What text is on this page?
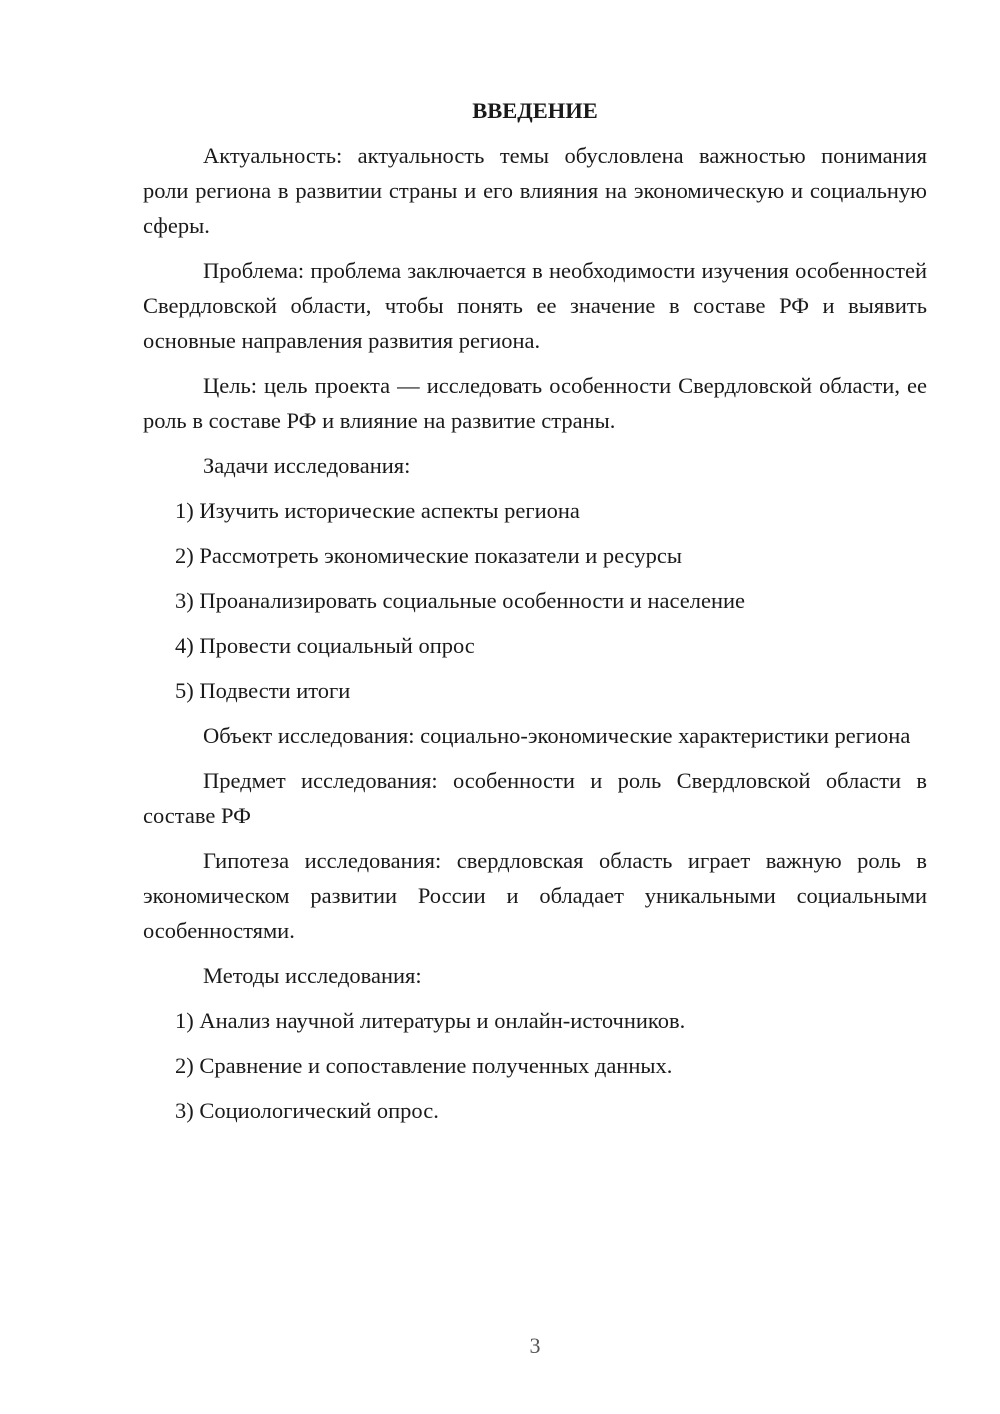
ВВЕДЕНИЕ

Актуальность: актуальность темы обусловлена важностью понимания роли региона в развитии страны и его влияния на экономическую и социальную сферы.

Проблема: проблема заключается в необходимости изучения особенностей Свердловской области, чтобы понять ее значение в составе РФ и выявить основные направления развития региона.

Цель: цель проекта — исследовать особенности Свердловской области, ее роль в составе РФ и влияние на развитие страны.

Задачи исследования:
1) Изучить исторические аспекты региона
2) Рассмотреть экономические показатели и ресурсы
3) Проанализировать социальные особенности и население
4) Провести социальный опрос
5) Подвести итоги

Объект исследования: социально-экономические характеристики региона

Предмет исследования: особенности и роль Свердловской области в составе РФ

Гипотеза исследования: свердловская область играет важную роль в экономическом развитии России и обладает уникальными социальными особенностями.

Методы исследования:
1) Анализ научной литературы и онлайн-источников.
2) Сравнение и сопоставление полученных данных.
3) Социологический опрос.
3
